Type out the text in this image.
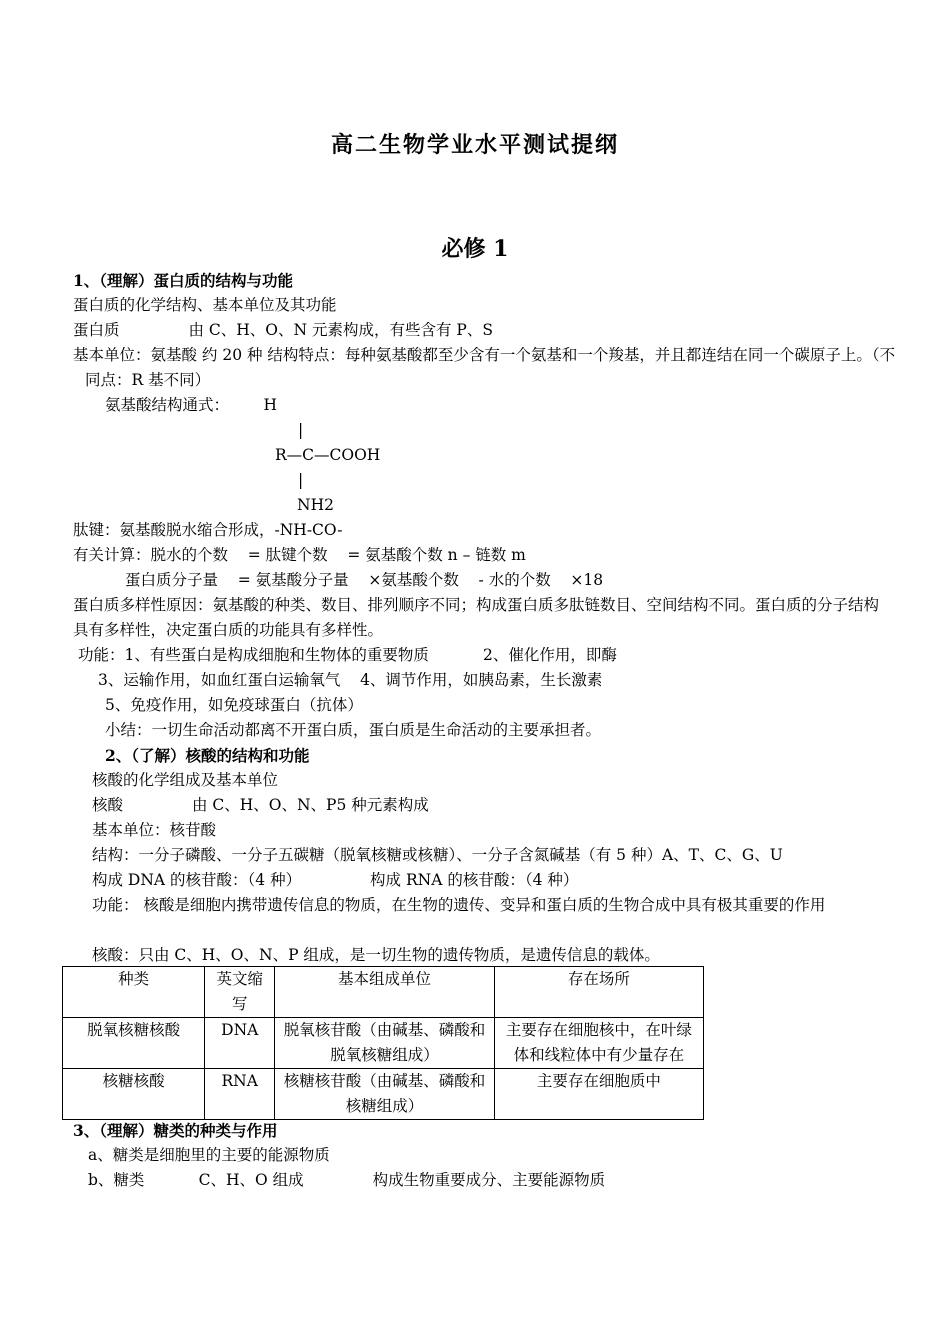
高二生物学业水平测试提纲
必修 1
1、（理解）蛋白质的结构与功能
蛋白质的化学结构、基本单位及其功能
蛋白质              由 C、H、O、N 元素构成，有些含有 P、S
基本单位：氨基酸 约 20 种 结构特点：每种氨基酸都至少含有一个氨基和一个羧基，并且都连结在同一个碳原子上。（不同点：R 基不同）
氨基酸结构通式：       H
|
R—C—COOH
|
NH2
肽键：氨基酸脱水缩合形成，-NH-CO-
有关计算：脱水的个数    = 肽键个数    = 氨基酸个数 n – 链数 m
蛋白质分子量    = 氨基酸分子量    ×氨基酸个数    - 水的个数    ×18
蛋白质多样性原因：氨基酸的种类、数目、排列顺序不同；构成蛋白质多肽链数目、空间结构不同。蛋白质的分子结构具有多样性，决定蛋白质的功能具有多样性。
功能：1、有些蛋白是构成细胞和生物体的重要物质           2、催化作用，即酶
3、运输作用，如血红蛋白运输氧气    4、调节作用，如胰岛素，生长激素
5、免疫作用，如免疫球蛋白（抗体）
小结：一切生命活动都离不开蛋白质，蛋白质是生命活动的主要承担者。
2、（了解）核酸的结构和功能
核酸的化学组成及基本单位
核酸              由 C、H、O、N、P5 种元素构成
基本单位：核苷酸
结构：一分子磷酸、一分子五碳糖（脱氧核糖或核糖）、一分子含氮碱基（有 5 种）A、T、C、G、U
构成 DNA 的核苷酸：（4 种）              构成 RNA 的核苷酸：（4 种）
功能： 核酸是细胞内携带遗传信息的物质，在生物的遗传、变异和蛋白质的生物合成中具有极其重要的作用
核酸：只由 C、H、O、N、P 组成，是一切生物的遗传物质，是遗传信息的载体。
种类	英文缩写	基本组成单位	存在场所
脱氧核糖核酸	DNA	脱氧核苷酸（由碱基、磷酸和脱氧核糖组成）	主要存在细胞核中，在叶绿体和线粒体中有少量存在
核糖核酸	RNA	核糖核苷酸（由碱基、磷酸和核糖组成）	主要存在细胞质中
3、（理解）糖类的种类与作用
a、糖类是细胞里的主要的能源物质
b、糖类           C、H、O 组成              构成生物重要成分、主要能源物质
